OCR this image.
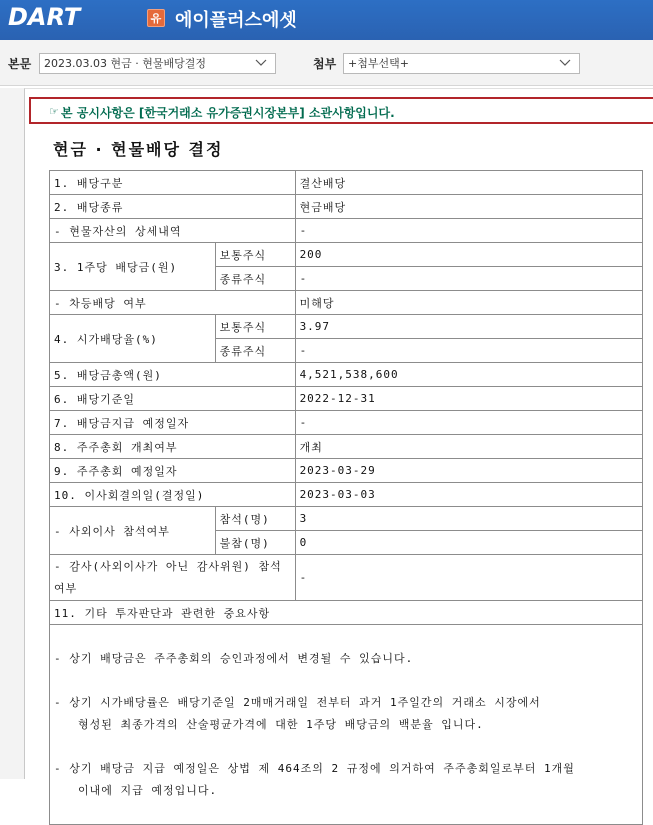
DART	유 에이플러스에셋
본문	2023.03.03 현금 · 현물배당결정	첨부	+첨부선택+
☞ 본 공시사항은 [한국거래소 유가증권시장본부] 소관사항입니다.
현금 · 현물배당 결정
1. 배당구분		결산배당
2. 배당종류		현금배당
- 현물자산의 상세내역		-
3. 1주당 배당금(원)	보통주식	200
	종류주식	-
- 차등배당 여부		미해당
4. 시가배당율(%)	보통주식	3.97
	종류주식	-
5. 배당금총액(원)		4,521,538,600
6. 배당기준일		2022-12-31
7. 배당금지급 예정일자		-
8. 주주총회 개최여부		개최
9. 주주총회 예정일자		2023-03-29
10. 이사회결의일(결정일)		2023-03-03
- 사외이사 참석여부	참석(명)	3
	불참(명)	0
- 감사(사외이사가 아닌 감사위원) 참석여부		-
11. 기타 투자판단과 관련한 중요사항		

- 상기 배당금은 주주총회의 승인과정에서 변경될 수 있습니다.
- 상기 시가배당률은 배당기준일 2매매거래일 전부터 과거 1주일간의 거래소 시장에서
형성된 최종가격의 산술평균가격에 대한 1주당 배당금의 백분율 입니다.
- 상기 배당금 지급 예정일은 상법 제 464조의 2 규정에 의거하여 주주총회일로부터 1개월
이내에 지급 예정입니다.		
